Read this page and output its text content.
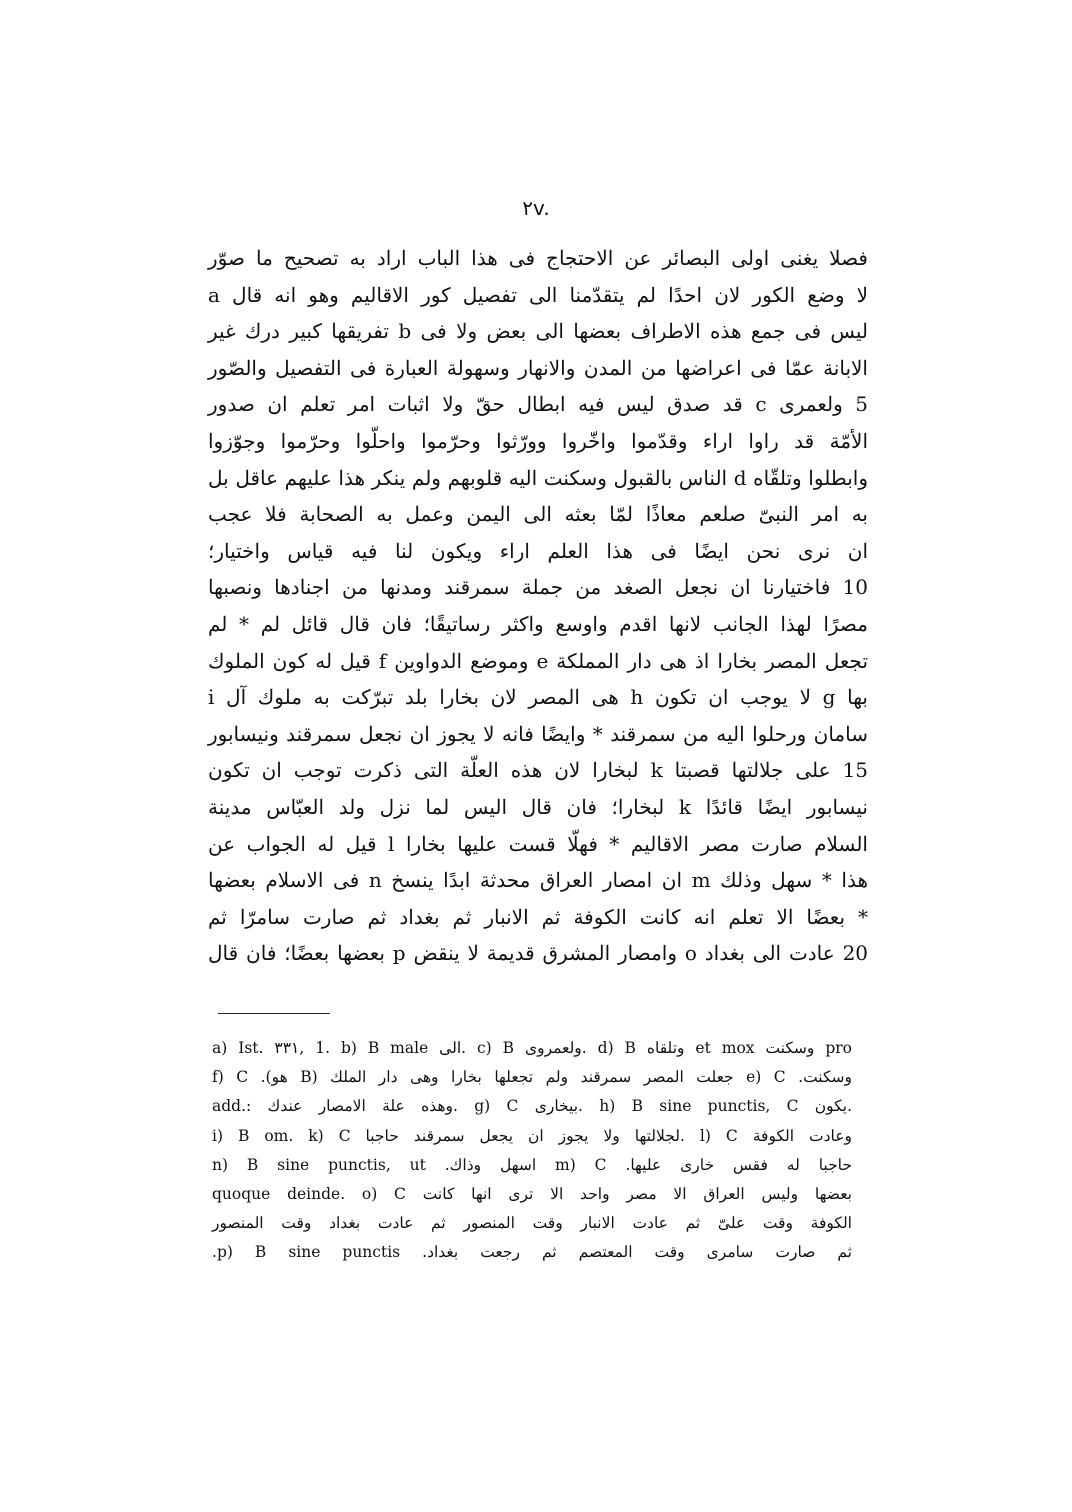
۲v.
فصلا يغنى اولى البصائر عن الاحتجاج فى هذا الباب اراد به تصحيح ما صوّر
لا وضع الكور لان احدًا لم يتقدّمنا الى تفصيل كور الاقاليم وهو انه قال a
ليس فى جمع هذه الاطراف بعضها الى بعض ولا فى b تفريقها كبير درك غير
الابانة عمّا فى اعراضها من المدن والانهار وسهولة العبارة فى التفصيل والصّور
5 ولعمرى c قد صدق ليس فيه ابطال حقّ ولا اثبات امر تعلم ان صدور
الأمّة قد راوا اراء وقدّموا واخّروا وورّثوا وحرّموا واحلّوا وحرّموا وجوّزوا
وابطلوا وتلقّاه d الناس بالقبول وسكنت اليه قلوبهم ولم ينكر هذا عليهم عاقل بل
به امر النبىّ صلعم معاذًا لمّا بعثه الى اليمن وعمل به الصحابة فلا عجب
ان نرى نحن ايضًا فى هذا العلم اراء ويكون لنا فيه قياس واختيار؛
10 فاختيارنا ان نجعل الصغد من جملة سمرقند ومدنها من اجنادها ونصبها
مصرًا لهذا الجانب لانها اقدم واوسع واكثر رساتيقًا؛ فان قال قائل لم * لم
تجعل المصر بخارا اذ هى دار المملكة e وموضع الدواوين f قيل له كون الملوك
بها g لا يوجب ان تكون h هى المصر لان بخارا بلد تبرّكت به ملوك آل i
سامان ورحلوا اليه من سمرقند * وايضًا فانه لا يجوز ان نجعل سمرقند ونيسابور
15 على جلالتها قصبتا k لبخارا لان هذه العلّة التى ذكرت توجب ان تكون
نيسابور ايضًا قائدًا k لبخارا؛ فان قال اليس لما نزل ولد العبّاس مدينة
السلام صارت مصر الاقاليم * فهلّا قست عليها بخارا l قيل له الجواب عن
هذا * سهل وذلك m ان امصار العراق محدثة ابدًا ينسخ n فى الاسلام بعضها
* بعضًا الا تعلم انه كانت الكوفة ثم الانبار ثم بغداد ثم صارت سامرّا ثم
20 عادت الى بغداد o وامصار المشرق قديمة لا ينقض p بعضها بعضًا؛ فان قال
a) Ist. ٣٣١, 1. b) B male الى. c) B ولعمروى. d) B وتلقاه et mox وسكنت pro
وسكنت. e) C جعلت المصر سمرقند ولم تجعلها بخارا وهى دار الملك (B هو). f) C
add.: وهذه علة الامصار عندك. g) C بيخارى. h) B sine punctis, C يكون.
i) B om. k) C لجلالتها ولا يجوز ان يجعل سمرقند حاجبا. l) C وعادت الكوفة
حاجبا له فقس خارى عليها. m) C اسهل وذاك. n) B sine punctis, ut
quoque deinde. o) C بعضها وليس العراق الا مصر واحد الا ترى انها كانت
الكوفة وقت علىّ ثم عادت الانبار وقت المنصور ثم عادت بغداد وقت المنصور
ثم صارت سامرى وقت المعتصم ثم رجعت بغداد. p) B sine punctis.
